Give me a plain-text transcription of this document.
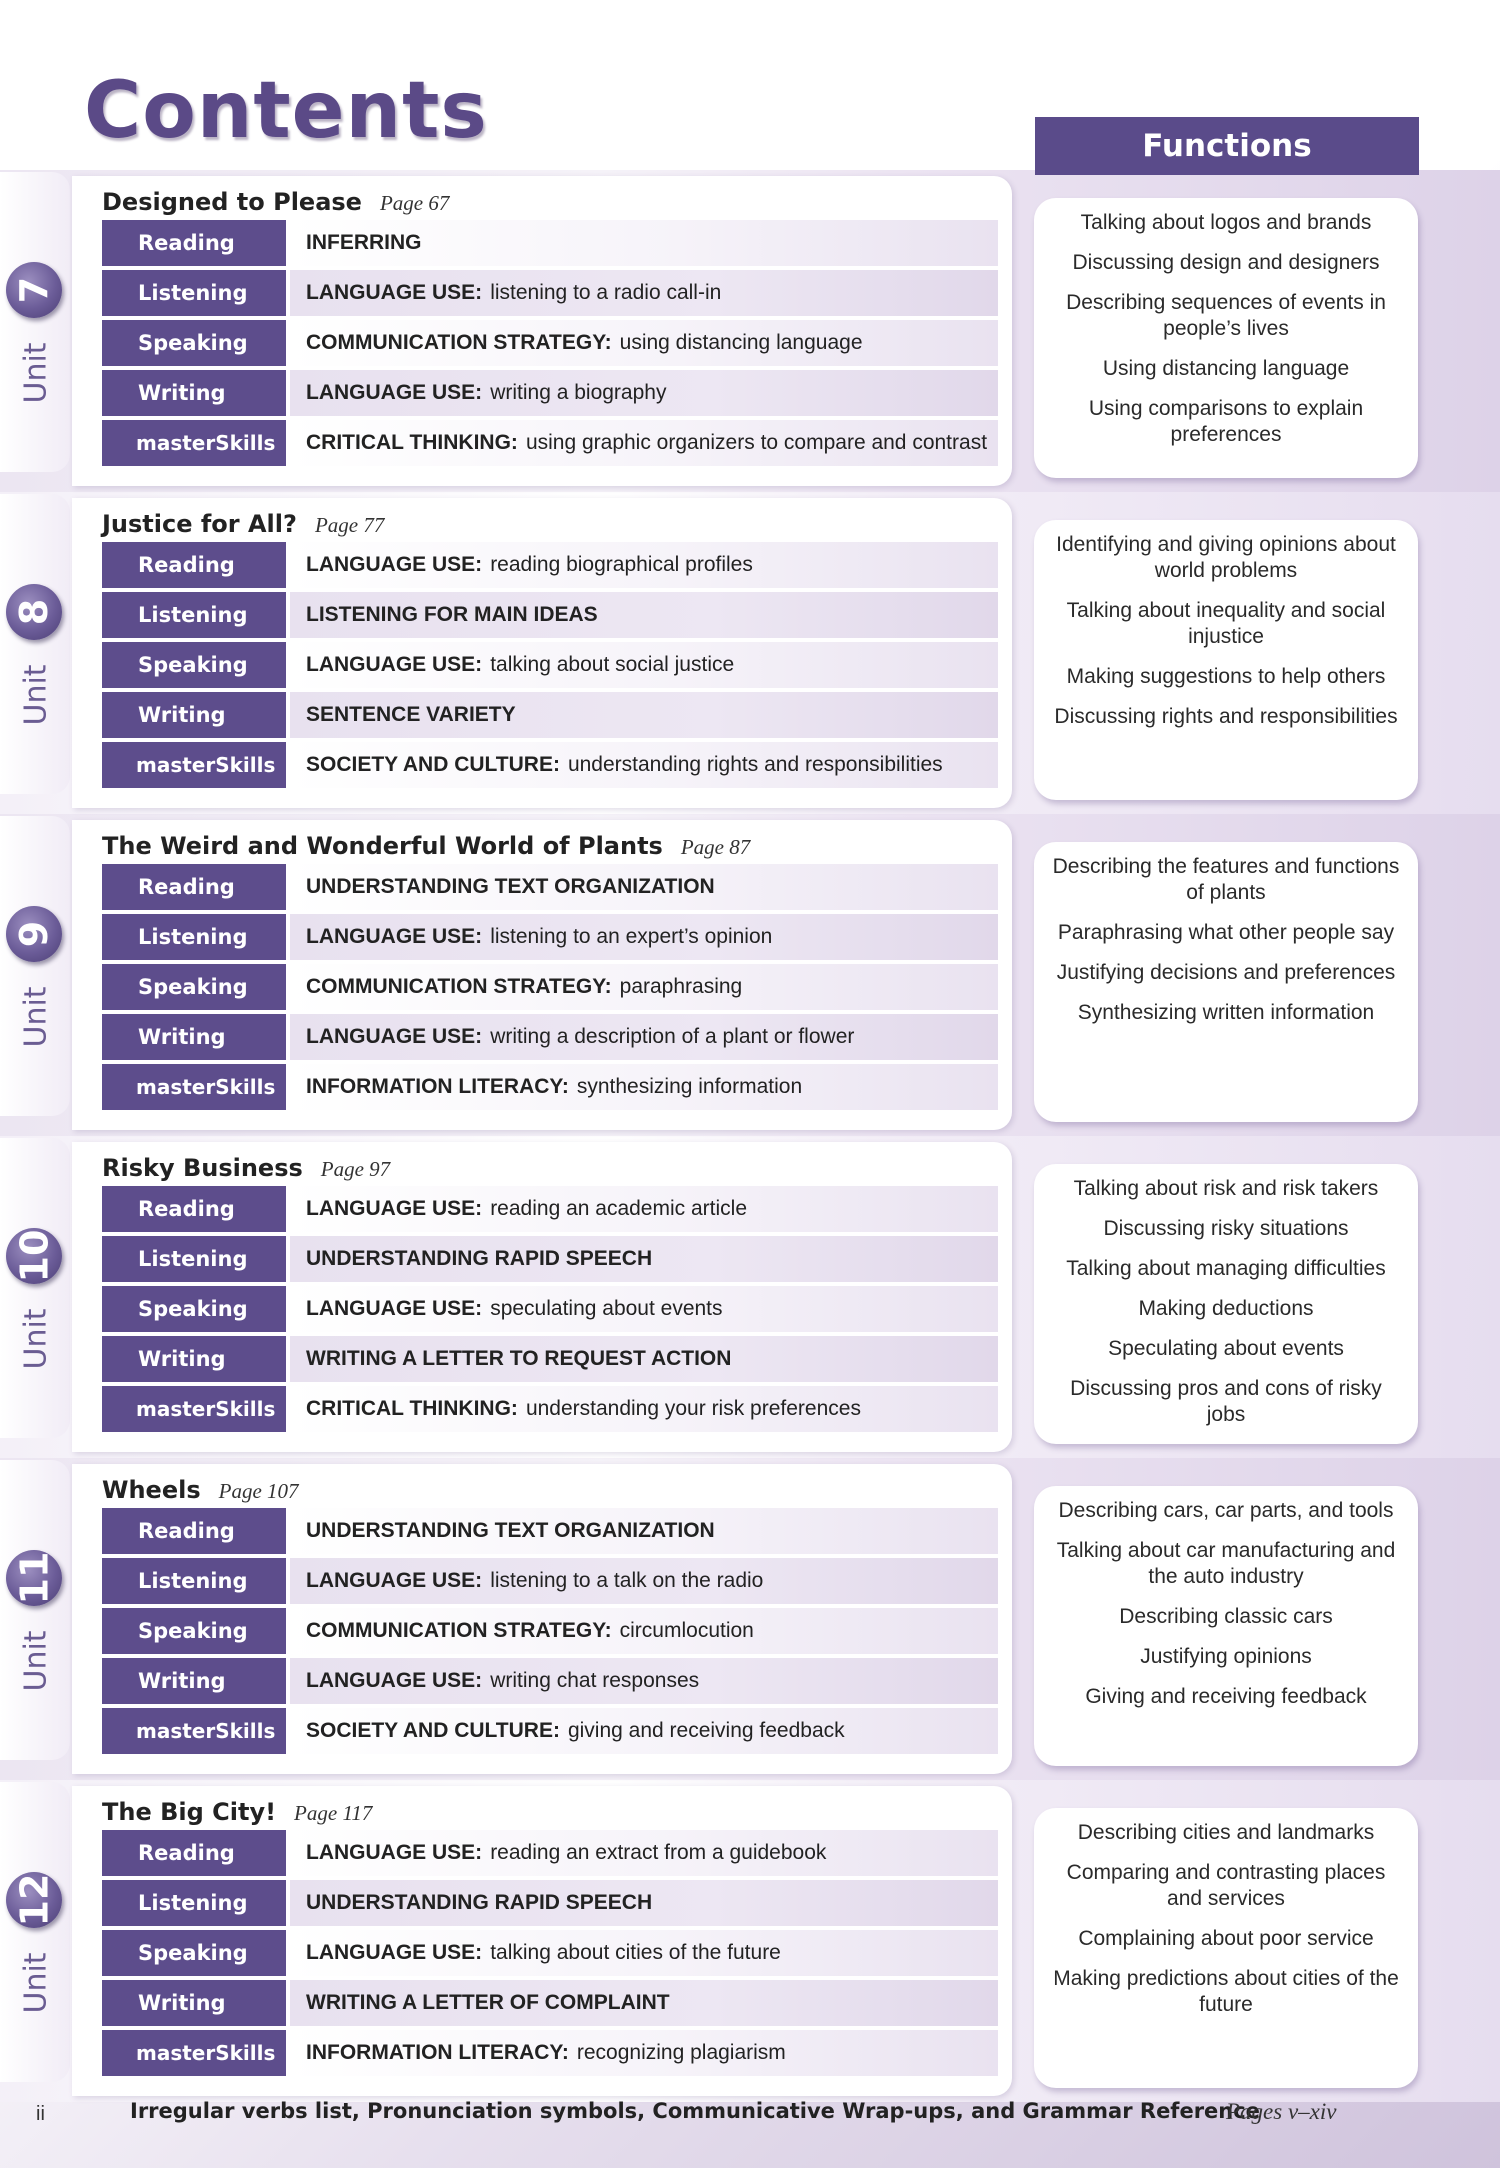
Contents	Functions
7
Unit
Designed to Please Page 67
Reading	INFERRING
Listening	LANGUAGE USE: listening to a radio call-in
Speaking	COMMUNICATION STRATEGY: using distancing language
Writing	LANGUAGE USE: writing a biography
masterSkills	CRITICAL THINKING: using graphic organizers to compare and contrast
Talking about logos and brands
Discussing design and designers
Describing sequences of events in people’s lives
Using distancing language
Using comparisons to explain preferences
8
Unit
Justice for All? Page 77
Reading	LANGUAGE USE: reading biographical profiles
Listening	LISTENING FOR MAIN IDEAS
Speaking	LANGUAGE USE: talking about social justice
Writing	SENTENCE VARIETY
masterSkills	SOCIETY AND CULTURE: understanding rights and responsibilities
Identifying and giving opinions about world problems
Talking about inequality and social injustice
Making suggestions to help others
Discussing rights and responsibilities
9
Unit
The Weird and Wonderful World of Plants Page 87
Reading	UNDERSTANDING TEXT ORGANIZATION
Listening	LANGUAGE USE: listening to an expert’s opinion
Speaking	COMMUNICATION STRATEGY: paraphrasing
Writing	LANGUAGE USE: writing a description of a plant or flower
masterSkills	INFORMATION LITERACY: synthesizing information
Describing the features and functions of plants
Paraphrasing what other people say
Justifying decisions and preferences
Synthesizing written information
10
Unit
Risky Business Page 97
Reading	LANGUAGE USE: reading an academic article
Listening	UNDERSTANDING RAPID SPEECH
Speaking	LANGUAGE USE: speculating about events
Writing	WRITING A LETTER TO REQUEST ACTION
masterSkills	CRITICAL THINKING: understanding your risk preferences
Talking about risk and risk takers
Discussing risky situations
Talking about managing difficulties
Making deductions
Speculating about events
Discussing pros and cons of risky jobs
11
Unit
Wheels Page 107
Reading	UNDERSTANDING TEXT ORGANIZATION
Listening	LANGUAGE USE: listening to a talk on the radio
Speaking	COMMUNICATION STRATEGY: circumlocution
Writing	LANGUAGE USE: writing chat responses
masterSkills	SOCIETY AND CULTURE: giving and receiving feedback
Describing cars, car parts, and tools
Talking about car manufacturing and the auto industry
Describing classic cars
Justifying opinions
Giving and receiving feedback
12
Unit
The Big City! Page 117
Reading	LANGUAGE USE: reading an extract from a guidebook
Listening	UNDERSTANDING RAPID SPEECH
Speaking	LANGUAGE USE: talking about cities of the future
Writing	WRITING A LETTER OF COMPLAINT
masterSkills	INFORMATION LITERACY: recognizing plagiarism
Describing cities and landmarks
Comparing and contrasting places and services
Complaining about poor service
Making predictions about cities of the future
ii	Irregular verbs list, Pronunciation symbols, Communicative Wrap-ups, and Grammar Reference
Pages v–xiv
